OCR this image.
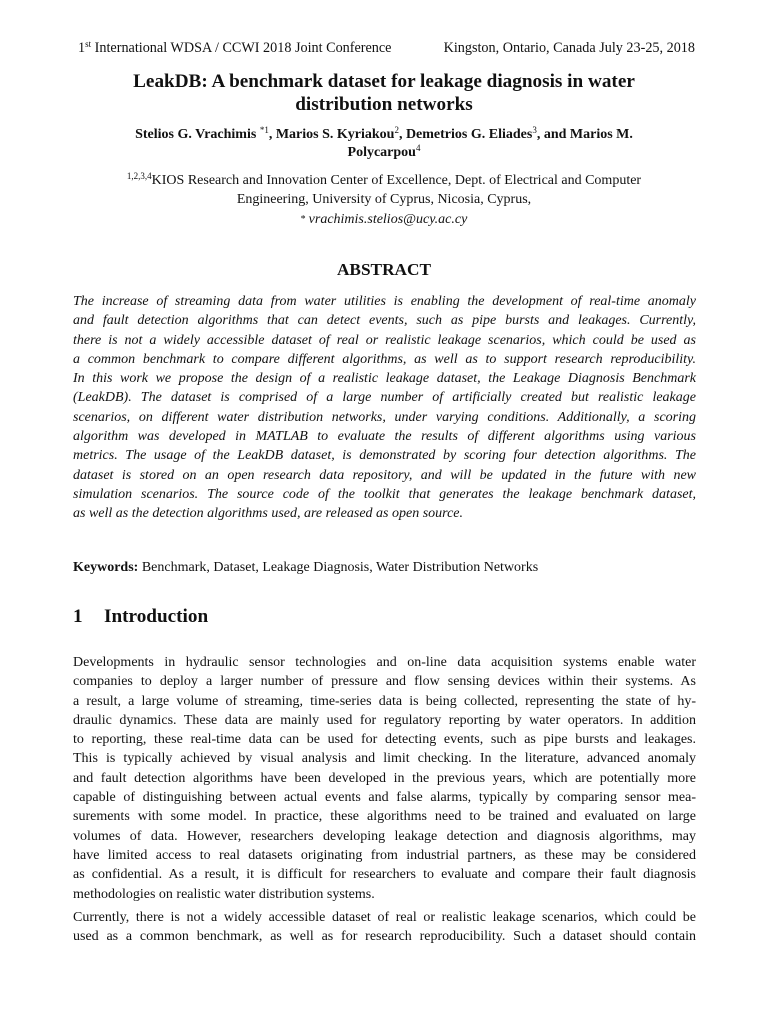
1st International WDSA / CCWI 2018 Joint Conference	Kingston, Ontario, Canada July 23-25, 2018
LeakDB: A benchmark dataset for leakage diagnosis in water
distribution networks
Stelios G. Vrachimis $^{*1}$, Marios S. Kyriakou$^2$, Demetrios G. Eliades$^3$, and Marios M.
Polycarpou$^4$
$^{1,2,3,4}$KIOS Research and Innovation Center of Excellence, Dept. of Electrical and Computer
Engineering, University of Cyprus, Nicosia, Cyprus,
* vrachimis.stelios@ucy.ac.cy
ABSTRACT

The increase of streaming data from water utilities is enabling the development of real-time anomaly
and fault detection algorithms that can detect events, such as pipe bursts and leakages. Currently,
there is not a widely accessible dataset of real or realistic leakage scenarios, which could be used as
a common benchmark to compare different algorithms, as well as to support research reproducibility.
In this work we propose the design of a realistic leakage dataset, the Leakage Diagnosis Benchmark
(LeakDB). The dataset is comprised of a large number of artificially created but realistic leakage
scenarios, on different water distribution networks, under varying conditions. Additionally, a scoring
algorithm was developed in MATLAB to evaluate the results of different algorithms using various
metrics. The usage of the LeakDB dataset, is demonstrated by scoring four detection algorithms. The
dataset is stored on an open research data repository, and will be updated in the future with new
simulation scenarios. The source code of the toolkit that generates the leakage benchmark dataset,
as well as the detection algorithms used, are released as open source.

Keywords: Benchmark, Dataset, Leakage Diagnosis, Water Distribution Networks
1 Introduction

Developments in hydraulic sensor technologies and on-line data acquisition systems enable water
companies to deploy a larger number of pressure and flow sensing devices within their systems. As
a result, a large volume of streaming, time-series data is being collected, representing the state of hy-
draulic dynamics. These data are mainly used for regulatory reporting by water operators. In addition
to reporting, these real-time data can be used for detecting events, such as pipe bursts and leakages.
This is typically achieved by visual analysis and limit checking. In the literature, advanced anomaly
and fault detection algorithms have been developed in the previous years, which are potentially more
capable of distinguishing between actual events and false alarms, typically by comparing sensor mea-
surements with some model. In practice, these algorithms need to be trained and evaluated on large
volumes of data. However, researchers developing leakage detection and diagnosis algorithms, may
have limited access to real datasets originating from industrial partners, as these may be considered
as confidential. As a result, it is difficult for researchers to evaluate and compare their fault diagnosis
methodologies on realistic water distribution systems.

Currently, there is not a widely accessible dataset of real or realistic leakage scenarios, which could be
used as a common benchmark, as well as for research reproducibility. Such a dataset should contain
